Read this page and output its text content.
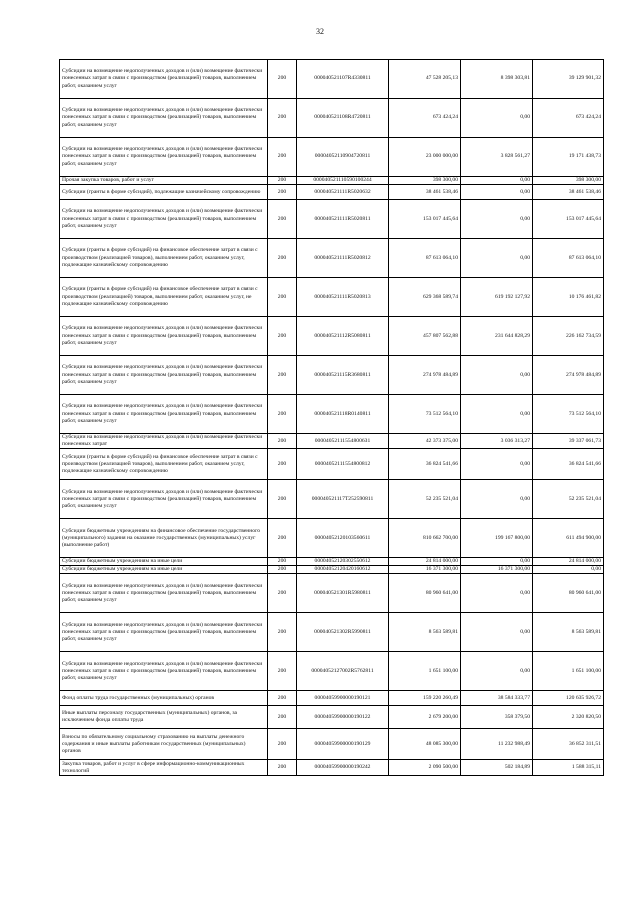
32
Субсидии на возмещение недополученных доходов и (или) возмещение фактически понесенных затрат в связи с производством (реализацией) товаров, выполнением работ, оказанием услуг	200	000040521107R4330811	47 528 205,13	8 398 303,81	39 129 901,32
Субсидии на возмещение недополученных доходов и (или) возмещение фактически понесенных затрат в связи с производством (реализацией) товаров, выполнением работ, оказанием услуг	200	000040521108R4720811	673 424,24	0,00	673 424,24
Субсидии на возмещение недополученных доходов и (или) возмещение фактически понесенных затрат в связи с производством (реализацией) товаров, выполнением работ, оказанием услуг	200	000040521109047208​11	23 000 000,00	3 828 561,27	19 171 438,73
Прочая закупка товаров, работ и услуг	200	000040521110590100244	398 300,00	0,00	398 300,00
Субсидии (гранты в форме субсидий), подлежащие казначейскому сопровождению	200	000040521111R5020632	38 461 538,46	0,00	38 461 538,46
Субсидии на возмещение недополученных доходов и (или) возмещение фактически понесенных затрат в связи с производством (реализацией) товаров, выполнением работ, оказанием услуг	200	000040521111R5020811	153 017 445,64	0,00	153 017 445,64
Субсидии (гранты в форме субсидий) на финансовое обеспечение затрат в связи с производством (реализацией товаров), выполнением работ, оказанием услуг, подлежащие казначейскому сопровождению	200	000040521111R5020812	87 613 064,10	0,00	87 613 064,10
Субсидии (гранты в форме субсидий) на финансовое обеспечение затрат в связи с производством (реализацией) товаров, выполнением работ, оказанием услуг, не подлежащие казначейскому сопровождению	200	000040521111R5020813	629 368 589,74	619 192 127,92	10 176 461,82
Субсидии на возмещение недополученных доходов и (или) возмещение фактически понесенных затрат в связи с производством (реализацией) товаров, выполнением работ, оказанием услуг	200	000040521112R5080811	457 807 562,88	231 644 828,29	226 162 734,59
Субсидии на возмещение недополученных доходов и (или) возмещение фактически понесенных затрат в связи с производством (реализацией) товаров, выполнением работ, оказанием услуг	200	000040521115R3680811	274 978 484,89	0,00	274 978 484,89
Субсидии на возмещение недополученных доходов и (или) возмещение фактически понесенных затрат в связи с производством (реализацией) товаров, выполнением работ, оказанием услуг	200	000040521118R0140811	73 512 564,10	0,00	73 512 564,10
Субсидии на возмещение недополученных доходов и (или) возмещение фактически понесенных затрат	200	000040521115548006З1	42 373 375,00	3 036 313,27	39 337 061,73
Субсидии (гранты в форме субсидий) на финансовое обеспечение затрат в связи с производством (реализацией товаров), выполнением работ, оказанием услуг, подлежащие казначейскому сопровождению	200	000040521115548008​12	36 824 541,66	0,00	36 824 541,66
Субсидии на возмещение недополученных доходов и (или) возмещение фактически понесенных затрат в связи с производством (реализацией) товаров, выполнением работ, оказанием услуг	200	000040521117Т252590811	52 235 521,04	0,00	52 235 521,04
Субсидии бюджетным учреждениям на финансовое обеспечение государственного (муниципального) задания на оказание государственных (муниципальных) услуг (выполнение работ)	200	000040521201035606​11	810 662 700,00	199 167 800,00	611 494 900,00
Субсидии бюджетным учреждениям на иные цели	200	000040521203025506​12	24 814 000,00	0,00	24 814 000,00
Субсидии бюджетным учреждениям на иные цели	200	000040521204201606​12	16 371 300,00	16 371 300,00	0,00
Субсидии на возмещение недополученных доходов и (или) возмещение фактически понесенных затрат в связи с производством (реализацией) товаров, выполнением работ, оказанием услуг	200	000040521301R5980811	80 960 641,00	0,00	80 960 641,00
Субсидии на возмещение недополученных доходов и (или) возмещение фактически понесенных затрат в связи с производством (реализацией) товаров, выполнением работ, оказанием услуг	200	000040521302R5990811	8 563 589,81	0,00	8 563 589,81
Субсидии на возмещение недополученных доходов и (или) возмещение фактически понесенных затрат в связи с производством (реализацией) товаров, выполнением работ, оказанием услуг	200	000040521270​02R5762811	1 651 100,00	0,00	1 651 100,00
Фонд оплаты труда государственных (муниципальных) органов	200	000040599000​00190121	159 220 260,49	38 584 333,77	120 635 926,72
Иные выплаты персоналу государственных (муниципальных) органов, за исключением фонда оплаты труда	200	000040599000​00190122	2 679 200,00	358 379,50	2 320 820,50
Взносы по обязательному социальному страхованию на выплаты денежного содержания и иные выплаты работникам государственных (муниципальных) органов	200	000040599000​00190129	48 085 300,00	11 232 988,49	36 852 311,51
Закупка товаров, работ и услуг в сфере информационно-коммуникационных технологий	200	000040599000​00190242	2 090 500,00	502 184,89	1 588 315,11
